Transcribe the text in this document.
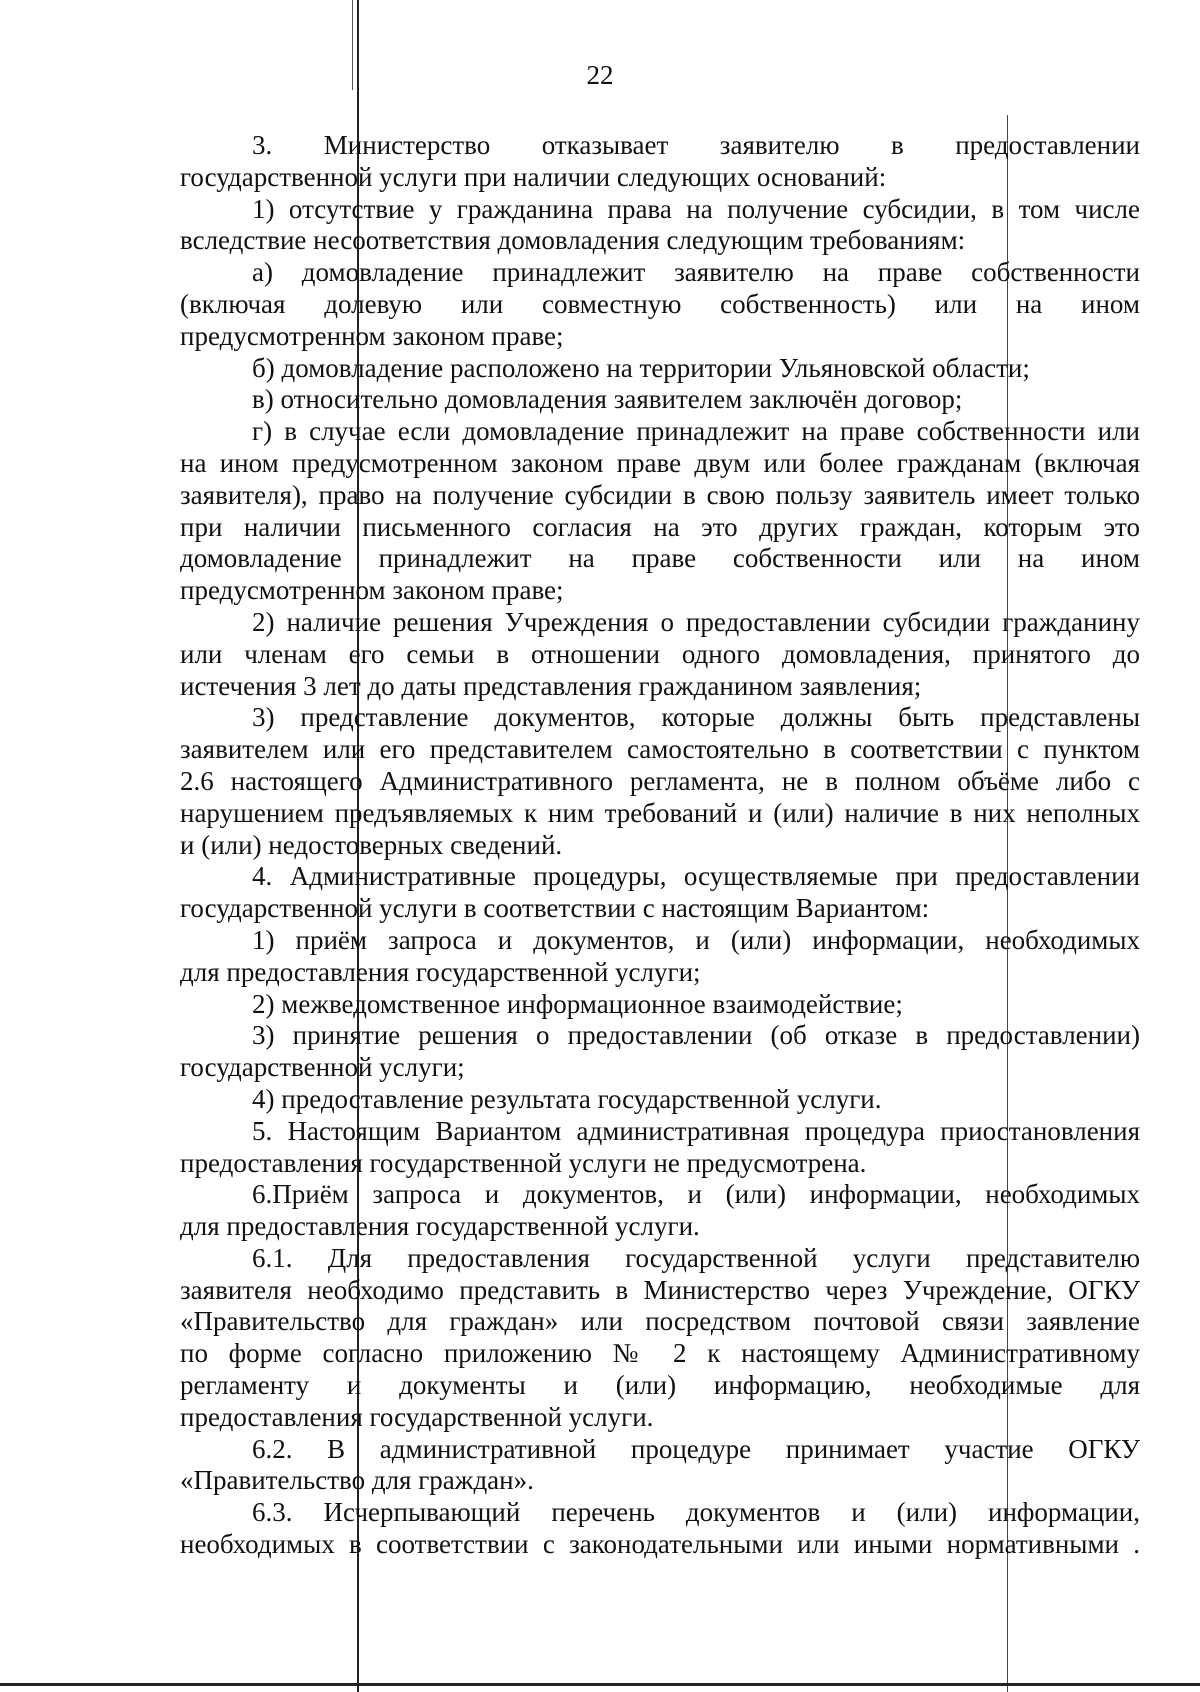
22
3. Министерство отказывает заявителю в предоставлении
государственной услуги при наличии следующих оснований:
1) отсутствие у гражданина права на получение субсидии, в том числе
вследствие несоответствия домовладения следующим требованиям:
а) домовладение принадлежит заявителю на праве собственности
(включая долевую или совместную собственность) или на ином
предусмотренном законом праве;
б) домовладение расположено на территории Ульяновской области;
в) относительно домовладения заявителем заключён договор;
г) в случае если домовладение принадлежит на праве собственности или
на ином предусмотренном законом праве двум или более гражданам (включая
заявителя), право на получение субсидии в свою пользу заявитель имеет только
при наличии письменного согласия на это других граждан, которым это
домовладение принадлежит на праве собственности или на ином
предусмотренном законом праве;
2) наличие решения Учреждения о предоставлении субсидии гражданину
или членам его семьи в отношении одного домовладения, принятого до
истечения 3 лет до даты представления гражданином заявления;
3) представление документов, которые должны быть представлены
заявителем или его представителем самостоятельно в соответствии с пунктом
2.6 настоящего Административного регламента, не в полном объёме либо с
нарушением предъявляемых к ним требований и (или) наличие в них неполных
и (или) недостоверных сведений.
4. Административные процедуры, осуществляемые при предоставлении
государственной услуги в соответствии с настоящим Вариантом:
1) приём запроса и документов, и (или) информации, необходимых
для предоставления государственной услуги;
2) межведомственное информационное взаимодействие;
3) принятие решения о предоставлении (об отказе в предоставлении)
государственной услуги;
4) предоставление результата государственной услуги.
5. Настоящим Вариантом административная процедура приостановления
предоставления государственной услуги не предусмотрена.
6.Приём запроса и документов, и (или) информации, необходимых
для предоставления государственной услуги.
6.1. Для предоставления государственной услуги представителю
заявителя необходимо представить в Министерство через Учреждение, ОГКУ
«Правительство для граждан» или посредством почтовой связи заявление
по форме согласно приложению № 2 к настоящему Административному
регламенту и документы и (или) информацию, необходимые для
предоставления государственной услуги.
6.2. В административной процедуре принимает участие ОГКУ
«Правительство для граждан».
6.3. Исчерпывающий перечень документов и (или) информации,
необходимых в соответствии с законодательными или иными нормативными .
